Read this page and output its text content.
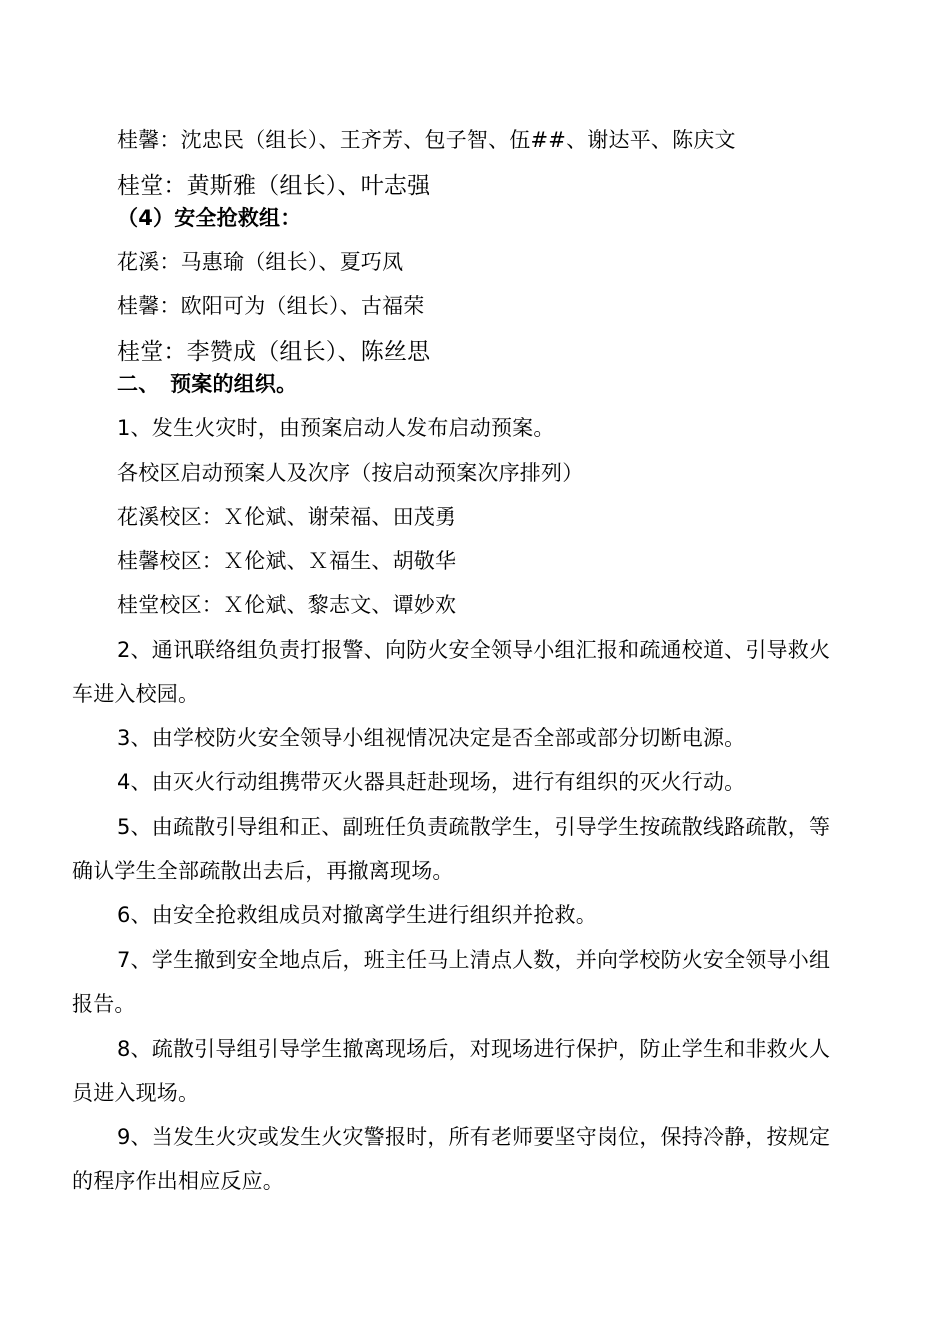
桂馨：沈忠民（组长）、王齐芳、包子智、伍##、谢达平、陈庆文
桂堂：黄斯雅（组长）、叶志强
（4）安全抢救组：
花溪：马惠瑜（组长）、夏巧凤
桂馨：欧阳可为（组长）、古福荣
桂堂：李赞成（组长）、陈丝思
二、　预案的组织。
1、发生火灾时，由预案启动人发布启动预案。
各校区启动预案人及次序（按启动预案次序排列）
花溪校区：Ｘ伦斌、谢荣福、田茂勇
桂馨校区：Ｘ伦斌、Ｘ福生、胡敬华
桂堂校区：Ｘ伦斌、黎志文、谭妙欢
2、通讯联络组负责打报警、向防火安全领导小组汇报和疏通校道、引导救火
车进入校园。
3、由学校防火安全领导小组视情况决定是否全部或部分切断电源。
4、由灭火行动组携带灭火器具赶赴现场，进行有组织的灭火行动。
5、由疏散引导组和正、副班任负责疏散学生，引导学生按疏散线路疏散，等
确认学生全部疏散出去后，再撤离现场。
6、由安全抢救组成员对撤离学生进行组织并抢救。
7、学生撤到安全地点后，班主任马上清点人数，并向学校防火安全领导小组
报告。
8、疏散引导组引导学生撤离现场后，对现场进行保护，防止学生和非救火人
员进入现场。
9、当发生火灾或发生火灾警报时，所有老师要坚守岗位，保持冷静，按规定
的程序作出相应反应。
